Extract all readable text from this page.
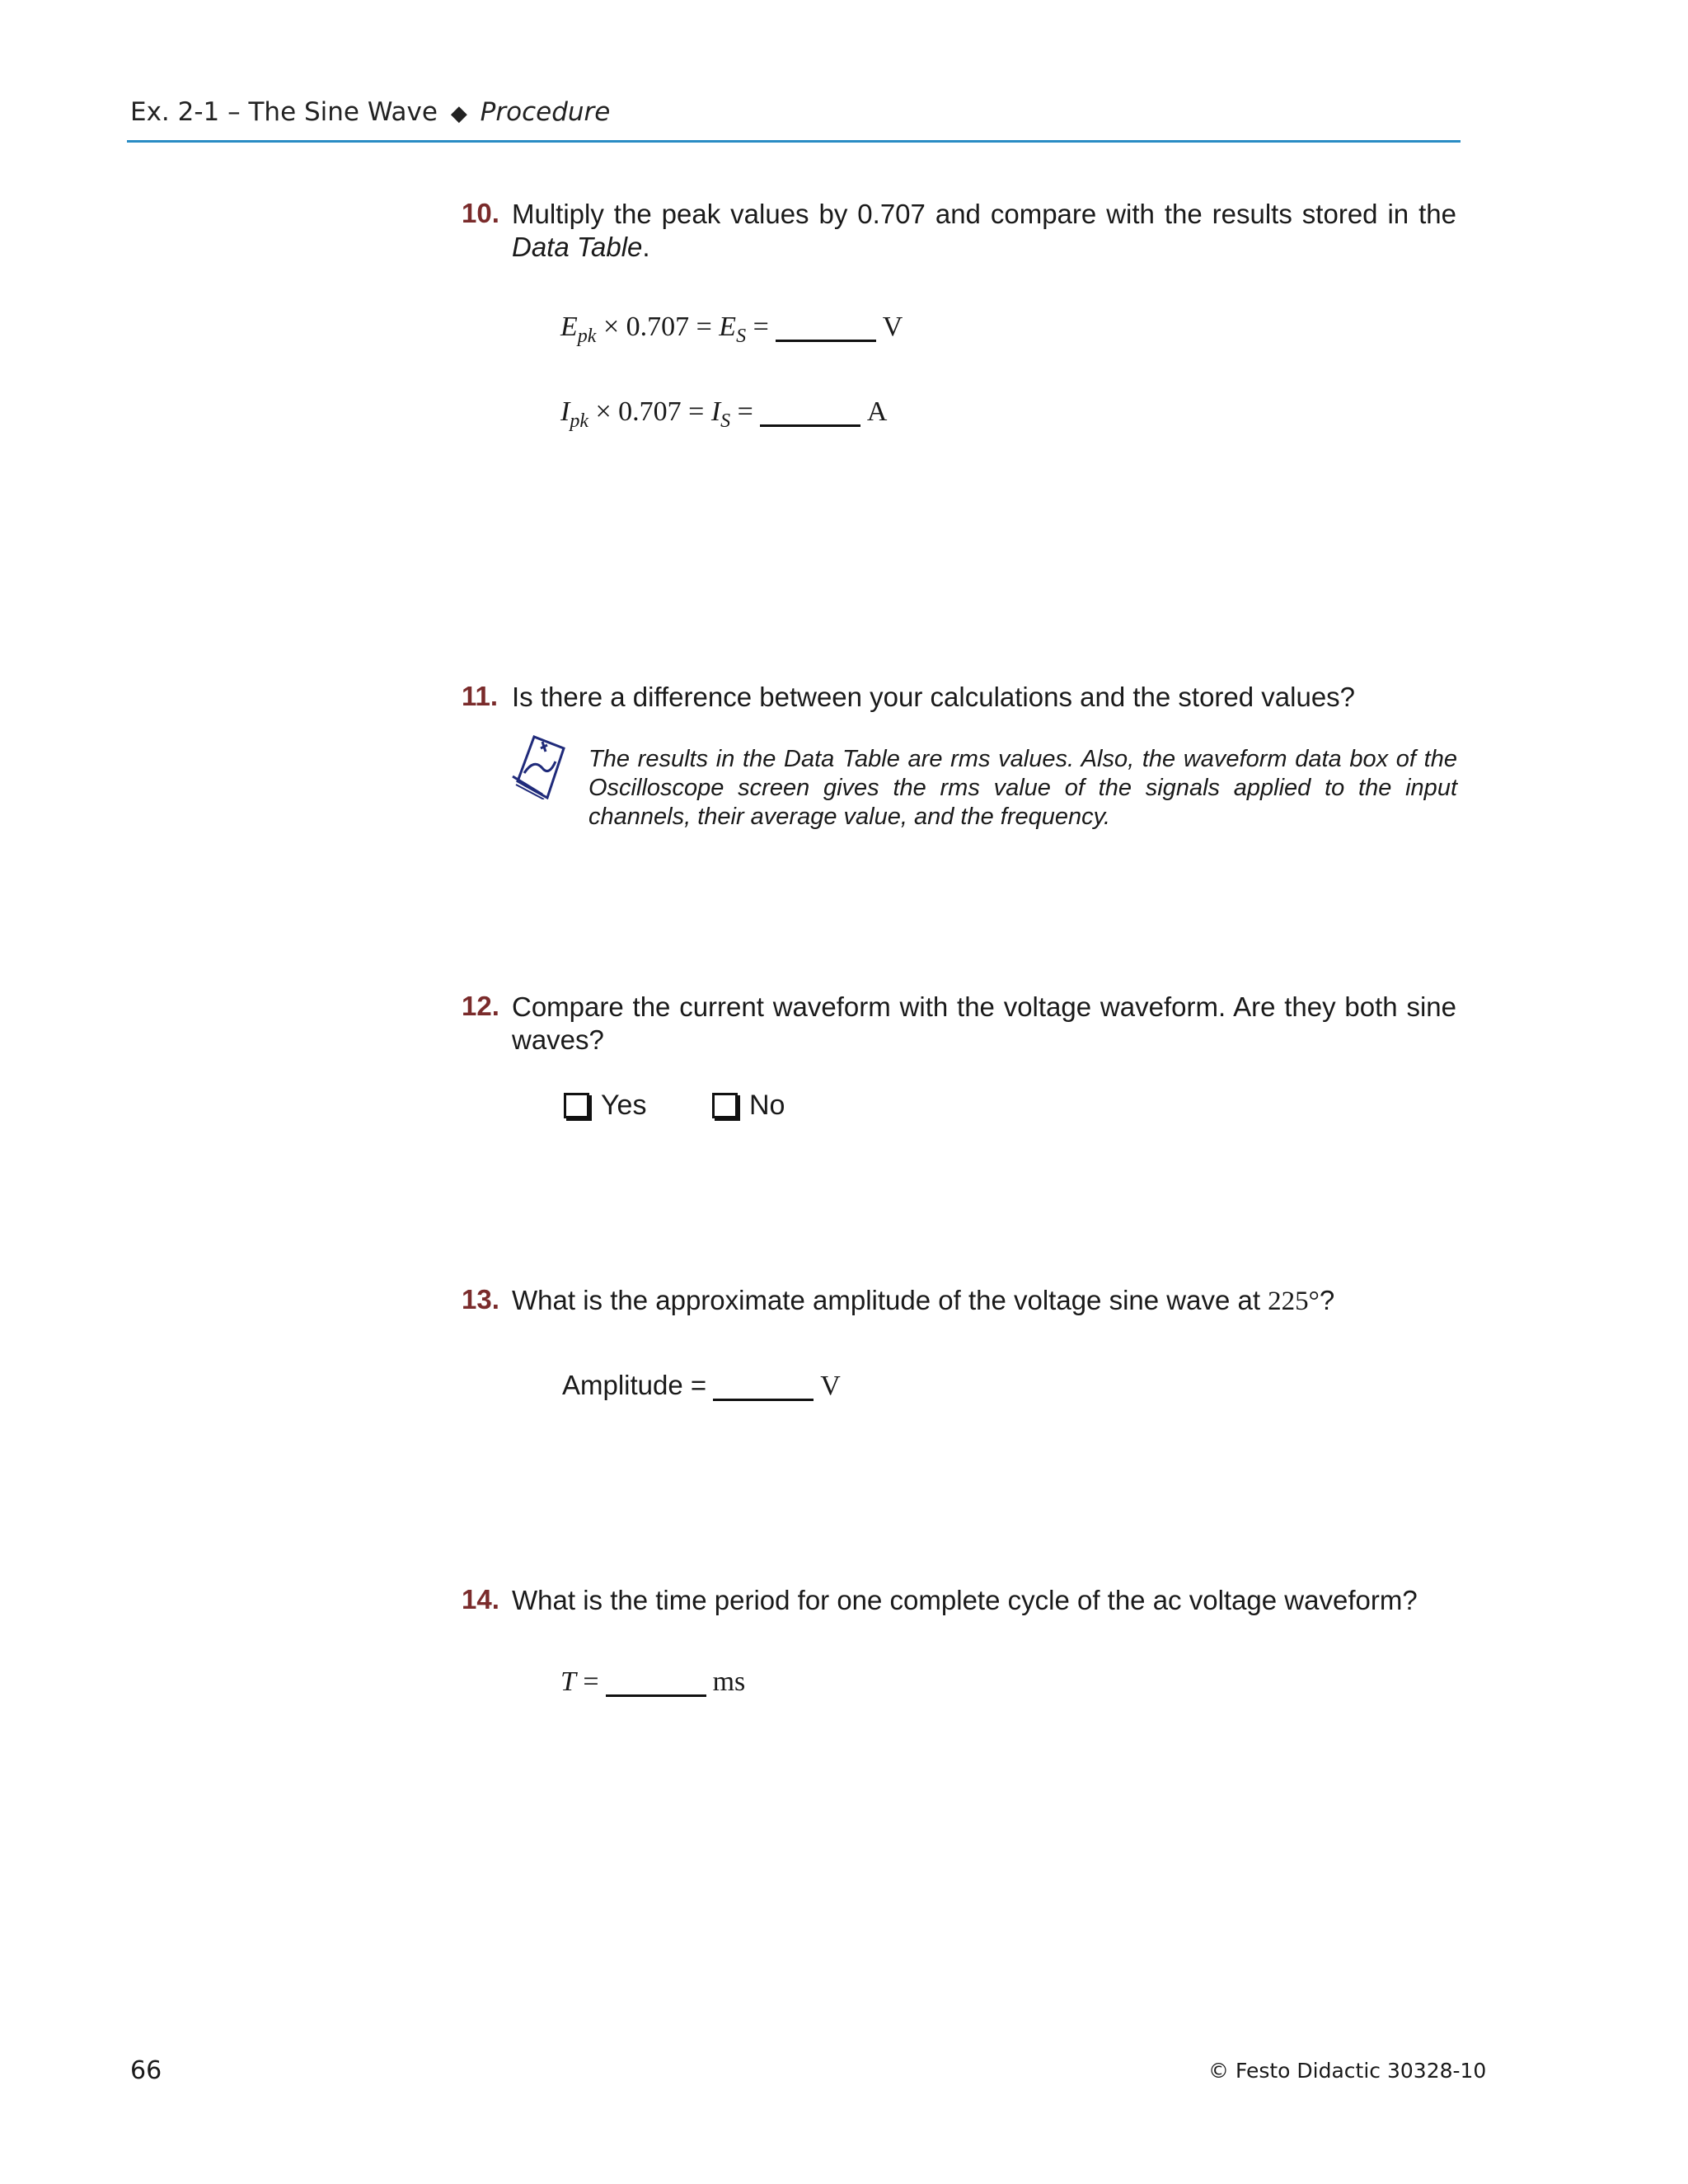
Ex. 2-1 – The Sine Wave ◆ Procedure
10. Multiply the peak values by 0.707 and compare with the results stored in the Data Table.
$E_{pk} \times 0.707 = E_S$ =	V
$I_{pk} \times 0.707 = I_S$ =	A
11. Is there a difference between your calculations and the stored values?
The results in the Data Table are rms values. Also, the waveform data box of the Oscilloscope screen gives the rms value of the signals applied to the input channels, their average value, and the frequency.
12. Compare the current waveform with the voltage waveform. Are they both sine waves?
Yes	No
13. What is the approximate amplitude of the voltage sine wave at 225°?
Amplitude =	V
14. What is the time period for one complete cycle of the ac voltage waveform?
T =	ms
66	© Festo Didactic 30328-10
